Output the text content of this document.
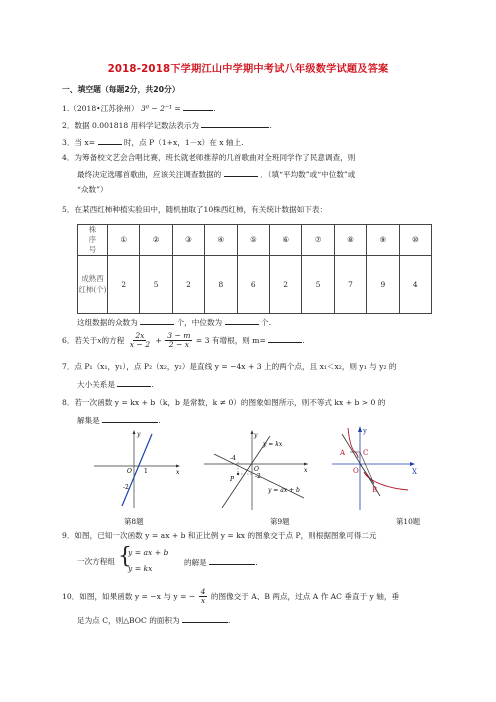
2018-2018下学期江山中学期中考试八年级数学试题及答案
一、填空题（每题2分，共20分）
1.（2018•江苏徐州） 3⁰ − 2⁻¹ =	.
2．数据 0.001818 用科学记数法表示为	.
3．当 x=	时，点 P（1+x，1－x）在 x 轴上.
4．为筹备校文艺会合唱比赛，班长就老师推荐的几首歌曲对全班同学作了民意调查，则
最终决定选哪首歌曲，应该关注调查数据的	．（填“平均数”或“中位数”或
“众数”）
5．在某西红柿种植实验田中，随机抽取了10株西红柿，有关统计数据如下表：
株序号	①	②	③	④	⑤	⑥	⑦	⑧	⑨	⑩

成熟西红柿(个)	2	5	2	8	6	2	5	7	9	4
这组数据的众数为	个，中位数为	个.
6．若关于x的方程 $\frac{2x}{x - 2} + \frac{3 - m}{2 - x} = 3$ 有增根，则 m=	.
7．点 P₁（x₁，y₁），点 P₂（x₂，y₂）是直线 y = −4x + 3 上的两个点，且 x₁＜x₂，则 y₁ 与 y₂ 的
大小关系是	.
8．若一次函数 y = kx + b（k，b 是常数，k ≠ 0）的图象如图所示，则不等式 kx + b > 0 的
解集是	.
y
x
O 1
-2
第8题
y
x
O
y = kx
y = ax + b
P
-4
-2
第9题
y
X
O
A
B
C
第10题
9．如图，已知一次函数 y = ax + b 和正比例 y = kx 的图象交于点 P，则根据图象可得二元
一次方程组 {
y = ax + b
y = kx
的解是	.
10．如图，如果函数 y = −x 与 y = − $\frac{4}{x}$ 的图像交于 A、B 两点，过点 A 作 AC 垂直于 y 轴，垂
足为点 C，则△BOC 的面积为	.
